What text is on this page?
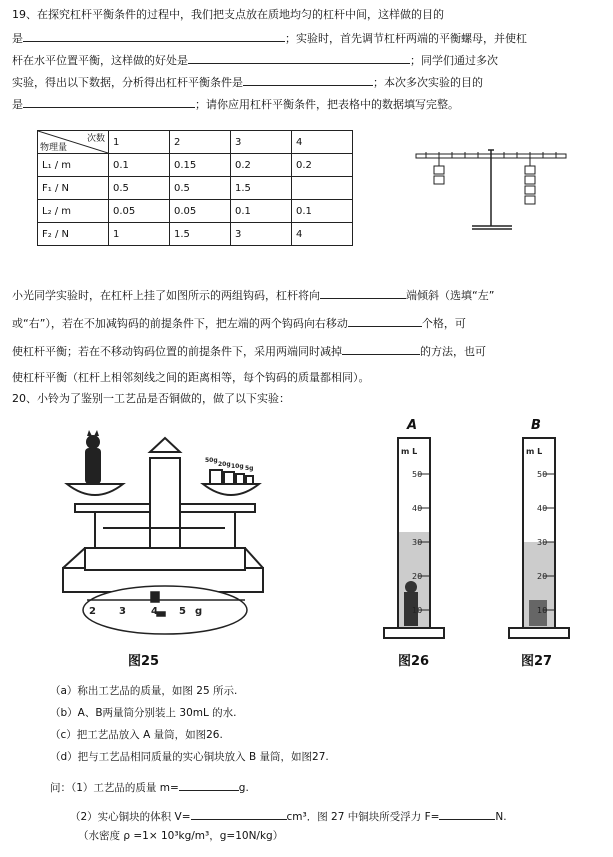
19、在探究杠杆平衡条件的过程中，我们把支点放在质地均匀的杠杆中间，这样做的目的
是	；实验时，首先调节杠杆两端的平衡螺母，并使杠
杆在水平位置平衡，这样做的好处是	；同学们通过多次
实验，得出以下数据，分析得出杠杆平衡条件是	；本次多次实验的目的
是	；请你应用杠杆平衡条件，把表格中的数据填写完整。
次数
物理量	1	2	3	4
L₁ / m	0.1	0.15	0.2	0.2
F₁ / N	0.5	0.5	1.5	
L₂ / m	0.05	0.05	0.1	0.1
F₂ / N	1	1.5	3	4
小光同学实验时，在杠杆上挂了如图所示的两组钩码，杠杆将向	端倾斜（选填“左”
或“右”），若在不加减钩码的前提条件下，把左端的两个钩码向右移动	个格，可
使杠杆平衡；若在不移动钩码位置的前提条件下，采用两端同时减掉	的方法，也可
使杠杆平衡（杠杆上相邻刻线之间的距离相等，每个钩码的质量都相同）。
20、小铃为了鉴别一工艺品是否铜做的，做了以下实验：
50g
20g 10g 5g
2 3	4 5 g
图25
A
m L
50
40
30
20
10
图26
B
m L
50
40
30
20
10
图27
（a）称出工艺品的质量，如图 25 所示.
（b）A、B两量筒分别装上 30mL 的水.
（c）把工艺品放入 A 量筒，如图26.
（d）把与工艺品相同质量的实心铜块放入 B 量筒，如图27.
问：（1）工艺品的质量 m=	g.
（2）实心铜块的体积 V=	cm³．图 27 中铜块所受浮力 F=	N.
（水密度 ρ =1× 10³kg/m³，g=10N/kg）
